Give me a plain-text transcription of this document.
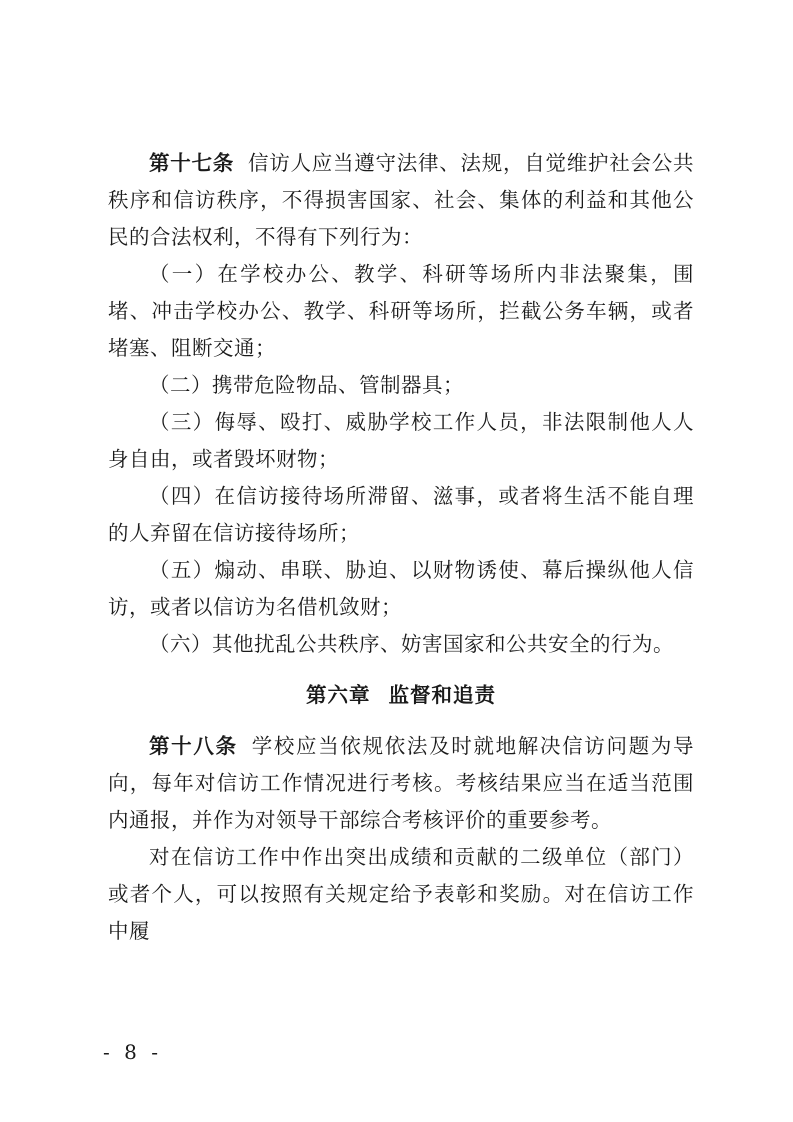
第十七条 信访人应当遵守法律、法规，自觉维护社会公共秩序和信访秩序，不得损害国家、社会、集体的利益和其他公民的合法权利，不得有下列行为：

（一）在学校办公、教学、科研等场所内非法聚集，围堵、冲击学校办公、教学、科研等场所，拦截公务车辆，或者堵塞、阻断交通；

（二）携带危险物品、管制器具；

（三）侮辱、殴打、威胁学校工作人员，非法限制他人人身自由，或者毁坏财物；

（四）在信访接待场所滞留、滋事，或者将生活不能自理的人弃留在信访接待场所；

（五）煽动、串联、胁迫、以财物诱使、幕后操纵他人信访，或者以信访为名借机敛财；

（六）其他扰乱公共秩序、妨害国家和公共安全的行为。

第六章 监督和追责

第十八条 学校应当依规依法及时就地解决信访问题为导向，每年对信访工作情况进行考核。考核结果应当在适当范围内通报，并作为对领导干部综合考核评价的重要参考。

对在信访工作中作出突出成绩和贡献的二级单位（部门）或者个人，可以按照有关规定给予表彰和奖励。对在信访工作中履

- 8 -
